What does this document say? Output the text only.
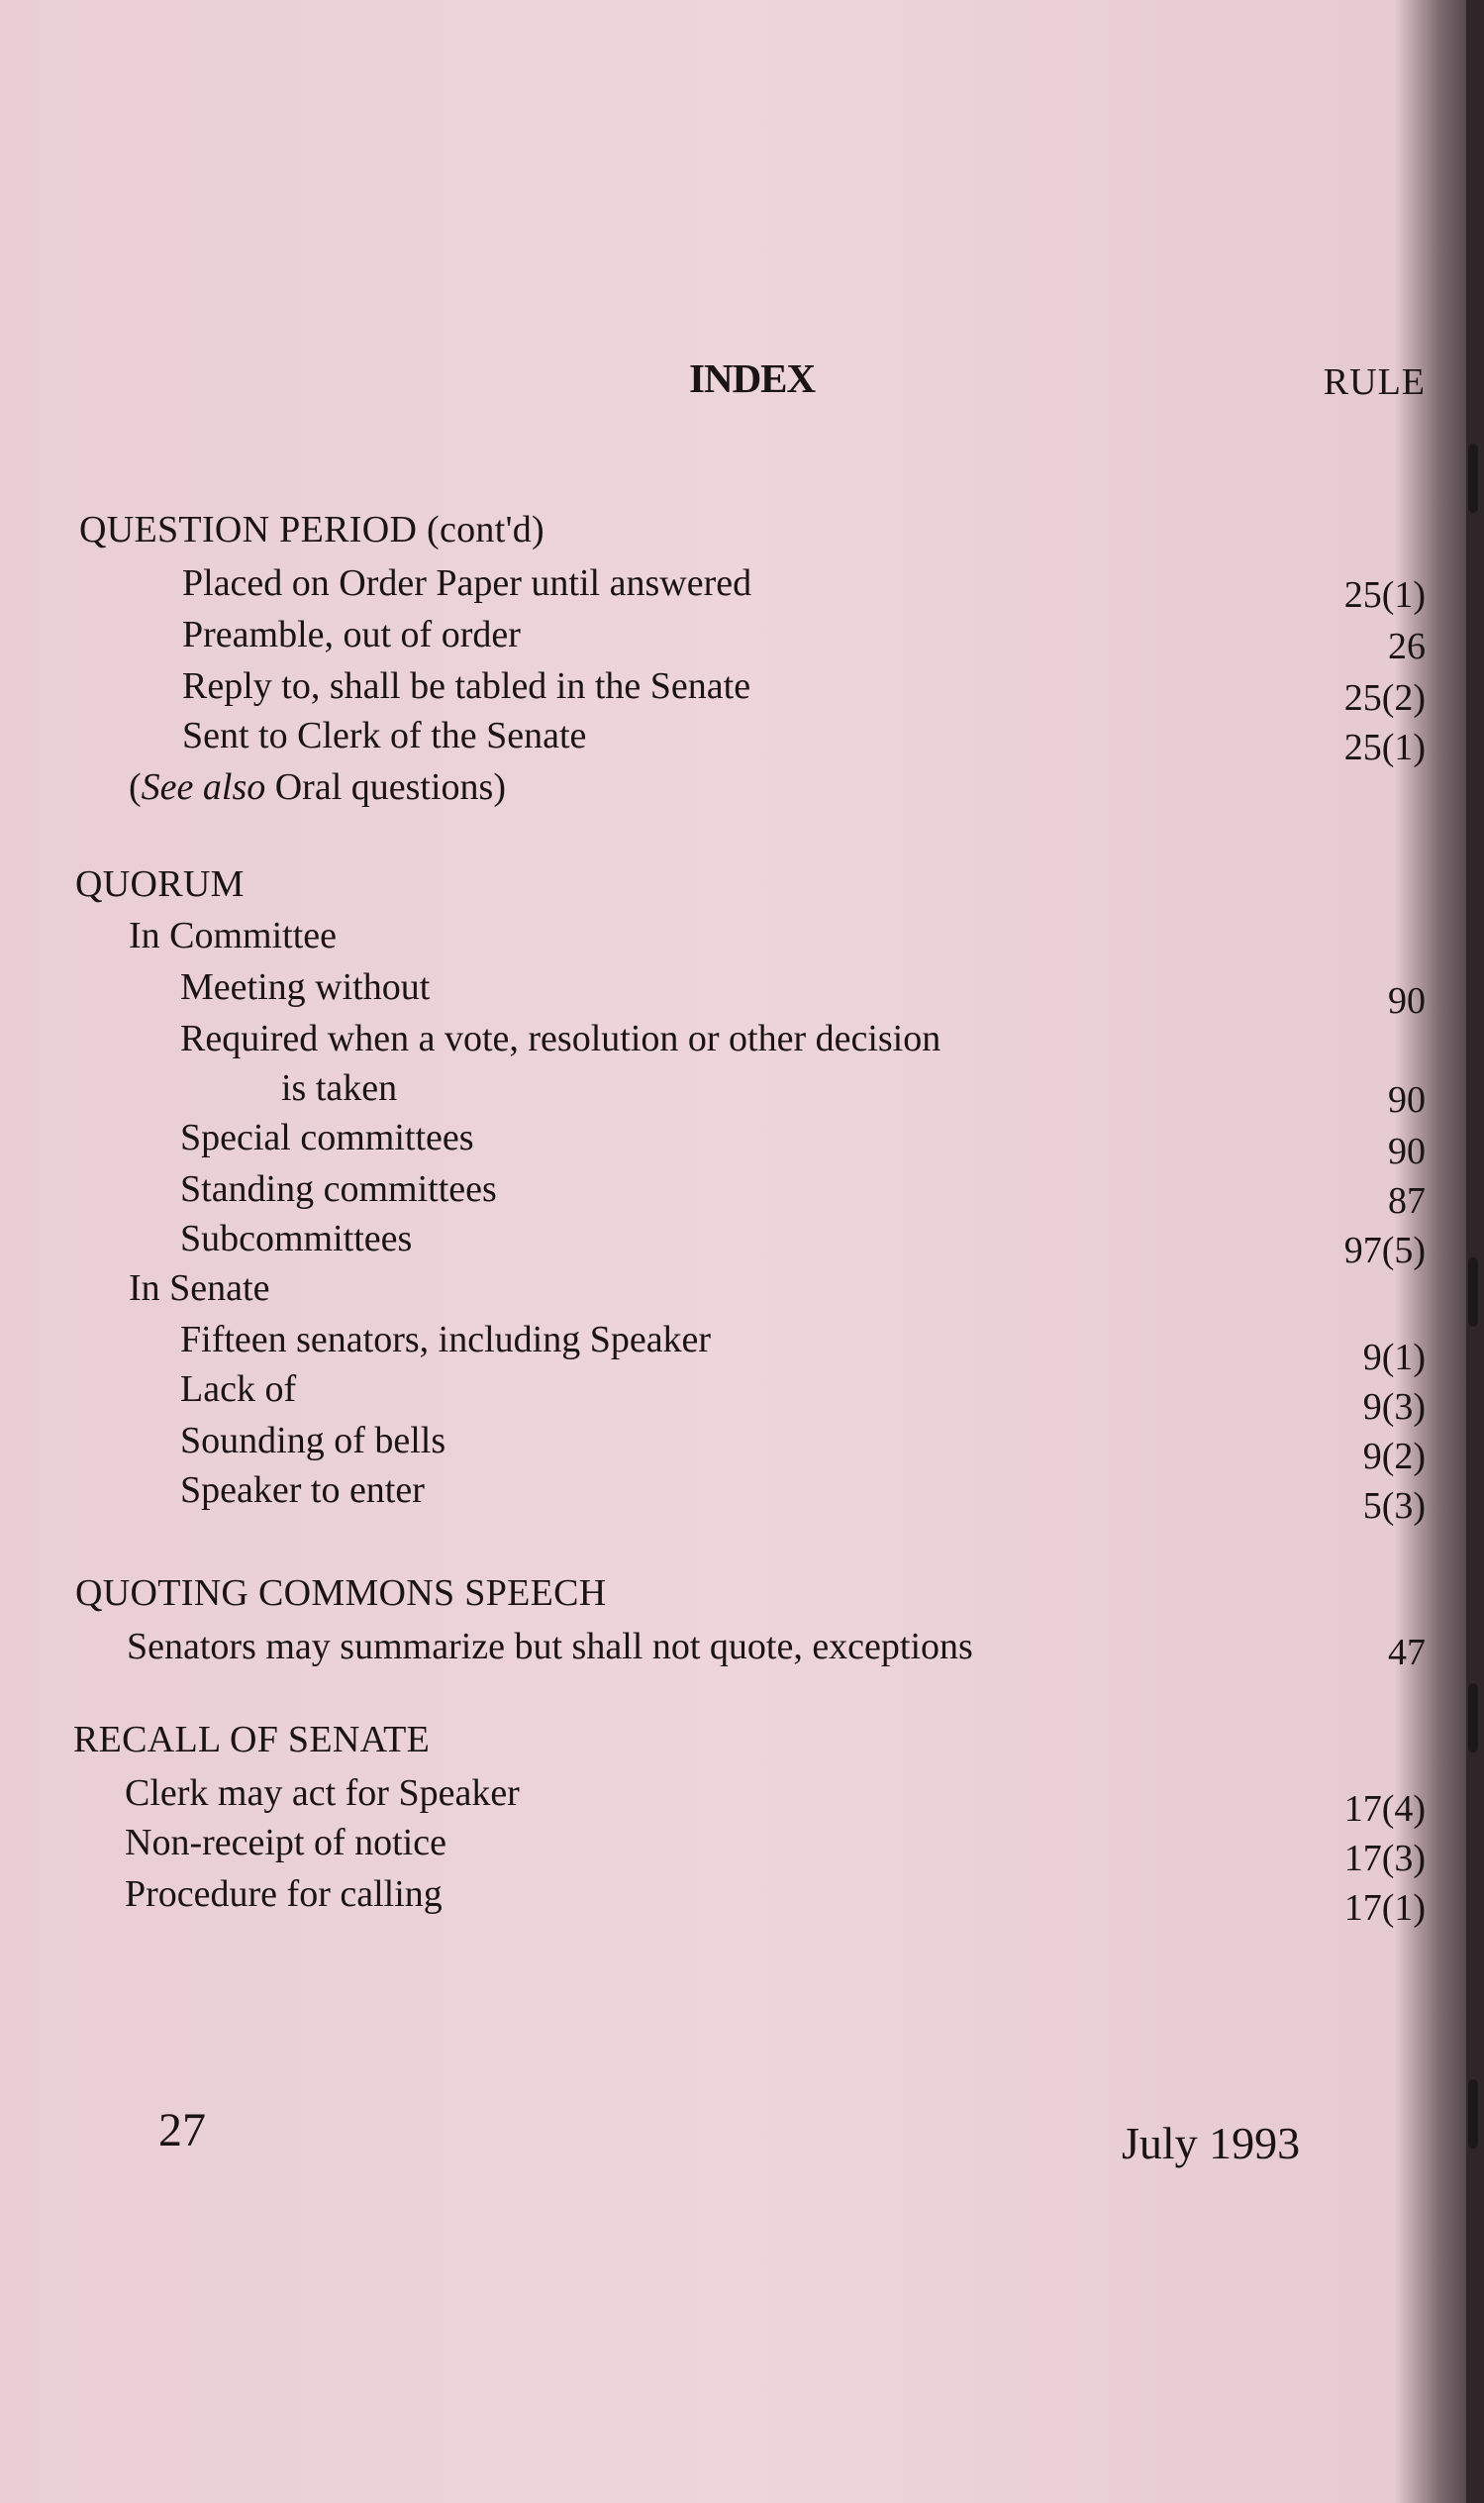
INDEX	RULE
QUESTION PERIOD (cont'd)
Placed on Order Paper until answered	25(1)
Preamble, out of order	26
Reply to, shall be tabled in the Senate	25(2)
Sent to Clerk of the Senate	25(1)
(See also Oral questions)
QUORUM
In Committee
Meeting without	90
Required when a vote, resolution or other decision
is taken	90
Special committees	90
Standing committees	87
Subcommittees	97(5)
In Senate
Fifteen senators, including Speaker	9(1)
Lack of	9(3)
Sounding of bells	9(2)
Speaker to enter	5(3)
QUOTING COMMONS SPEECH
Senators may summarize but shall not quote, exceptions	47
RECALL OF SENATE
Clerk may act for Speaker	17(4)
Non-receipt of notice	17(3)
Procedure for calling	17(1)
27	July 1993
